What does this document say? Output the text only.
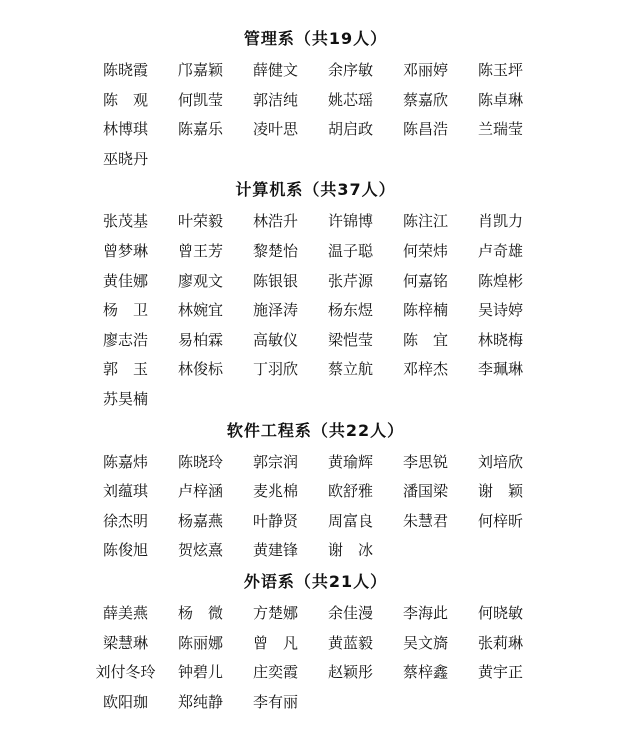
管理系（共19人）
陈晓霞	邝嘉颖	薛健文	余序敏	邓丽婷	陈玉坪
陈　观	何凯莹	郭洁纯	姚芯瑶	蔡嘉欣	陈卓琳
林博琪	陈嘉乐	凌叶思	胡启政	陈昌浩	兰瑞莹
巫晓丹
计算机系（共37人）
张茂基	叶荣毅	林浩升	许锦博	陈注江	肖凯力
曾梦琳	曾王芳	黎楚怡	温子聪	何荣炜	卢奇雄
黄佳娜	廖观文	陈银银	张芹源	何嘉铭	陈煌彬
杨　卫	林婉宜	施泽涛	杨东煜	陈梓楠	吴诗婷
廖志浩	易柏霖	高敏仪	梁恺莹	陈　宜	林晓梅
郭　玉	林俊标	丁羽欣	蔡立航	邓梓杰	李珮琳
苏昊楠
软件工程系（共22人）
陈嘉炜	陈晓玲	郭宗润	黄瑜辉	李思锐	刘培欣
刘蕴琪	卢梓涵	麦兆棉	欧舒雅	潘国梁	谢　颖
徐杰明	杨嘉燕	叶静贤	周富良	朱慧君	何梓昕
陈俊旭	贺炫熹	黄建锋	谢　冰
外语系（共21人）
薛美燕	杨　微	方楚娜	余佳漫	李海此	何晓敏
梁慧琳	陈丽娜	曾　凡	黄蓝毅	吴文旖	张莉琳
刘付冬玲	钟碧儿	庄奕霞	赵颖彤	蔡梓鑫	黄宇正
欧阳珈	郑纯静	李有丽
